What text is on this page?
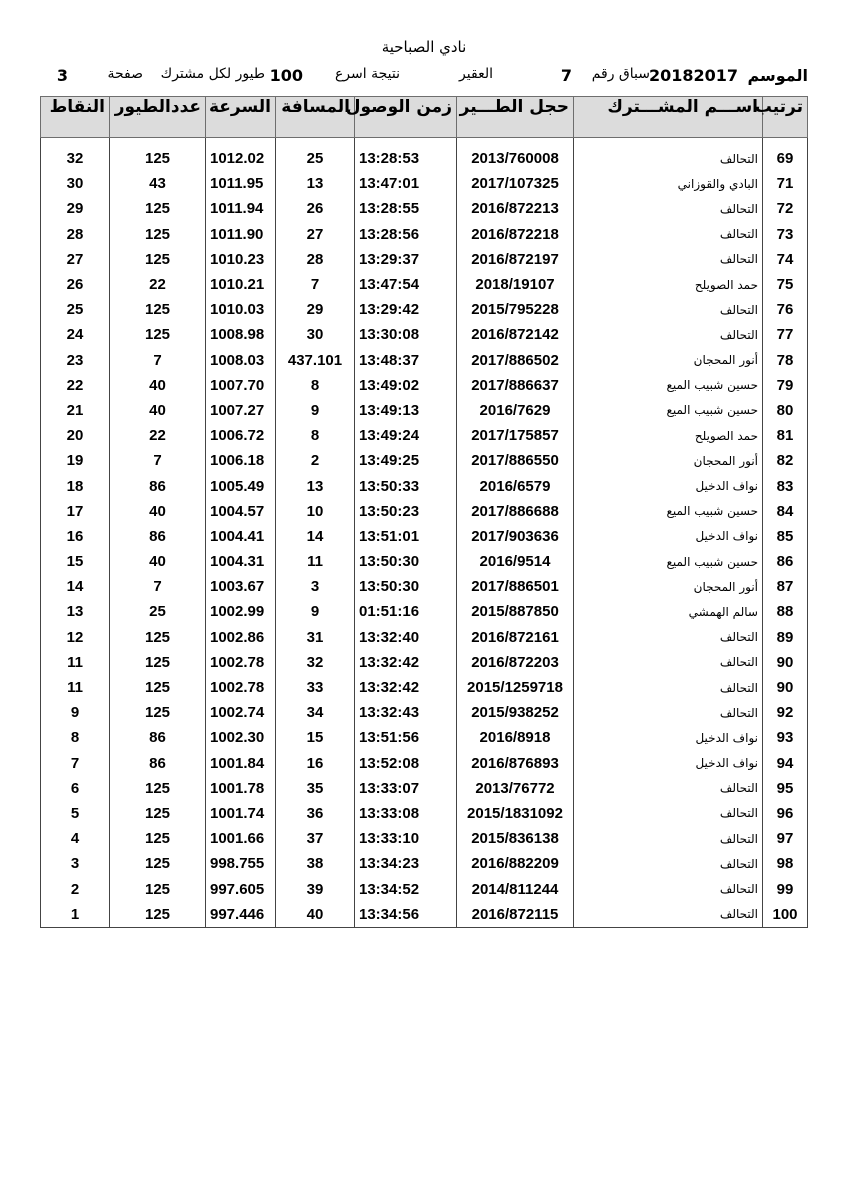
نادي الصباحية
الموسم
20182017
سباق رقم
7
العقير
نتيجة اسرع
100
طيور لكل مشترك
صفحة
3
ترتيب	اســـم المشـــترك	حجل الطـــير	زمن الوصول	المسافة	السرعة	عددالطيور	النقاط

69	التحالف	2013/760008	13:28:53	25	1012.02	125	32
71	البادي والقوزاني	2017/107325	13:47:01	13	1011.95	43	30
72	التحالف	2016/872213	13:28:55	26	1011.94	125	29
73	التحالف	2016/872218	13:28:56	27	1011.90	125	28
74	التحالف	2016/872197	13:29:37	28	1010.23	125	27
75	حمد الصويلح	2018/19107	13:47:54	7	1010.21	22	26
76	التحالف	2015/795228	13:29:42	29	1010.03	125	25
77	التحالف	2016/872142	13:30:08	30	1008.98	125	24
78	أنور المحجان	2017/886502	13:48:37	437.101	1008.03	7	23
79	حسين شبيب الميع	2017/886637	13:49:02	8	1007.70	40	22
80	حسين شبيب الميع	2016/7629	13:49:13	9	1007.27	40	21
81	حمد الصويلح	2017/175857	13:49:24	8	1006.72	22	20
82	أنور المحجان	2017/886550	13:49:25	2	1006.18	7	19
83	نواف الدخيل	2016/6579	13:50:33	13	1005.49	86	18
84	حسين شبيب الميع	2017/886688	13:50:23	10	1004.57	40	17
85	نواف الدخيل	2017/903636	13:51:01	14	1004.41	86	16
86	حسين شبيب الميع	2016/9514	13:50:30	11	1004.31	40	15
87	أنور المحجان	2017/886501	13:50:30	3	1003.67	7	14
88	سالم الهمشي	2015/887850	01:51:16	9	1002.99	25	13
89	التحالف	2016/872161	13:32:40	31	1002.86	125	12
90	التحالف	2016/872203	13:32:42	32	1002.78	125	11
90	التحالف	2015/1259718	13:32:42	33	1002.78	125	11
92	التحالف	2015/938252	13:32:43	34	1002.74	125	9
93	نواف الدخيل	2016/8918	13:51:56	15	1002.30	86	8
94	نواف الدخيل	2016/876893	13:52:08	16	1001.84	86	7
95	التحالف	2013/76772	13:33:07	35	1001.78	125	6
96	التحالف	2015/1831092	13:33:08	36	1001.74	125	5
97	التحالف	2015/836138	13:33:10	37	1001.66	125	4
98	التحالف	2016/882209	13:34:23	38	998.755	125	3
99	التحالف	2014/811244	13:34:52	39	997.605	125	2
100	التحالف	2016/872115	13:34:56	40	997.446	125	1
